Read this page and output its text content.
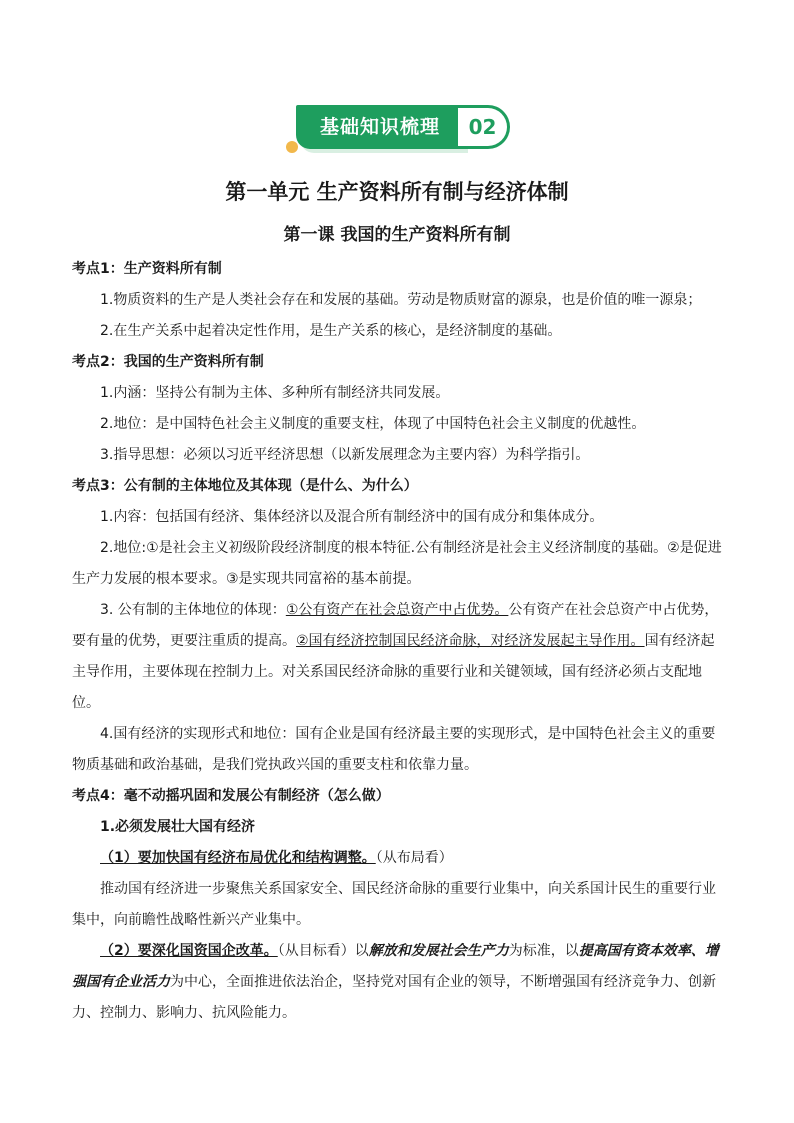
基础知识梳理	02
第一单元 生产资料所有制与经济体制
第一课 我国的生产资料所有制

考点1：生产资料所有制

1.物质资料的生产是人类社会存在和发展的基础。劳动是物质财富的源泉，也是价值的唯一源泉；

2.在生产关系中起着决定性作用，是生产关系的核心，是经济制度的基础。

考点2：我国的生产资料所有制

1.内涵：坚持公有制为主体、多种所有制经济共同发展。

2.地位：是中国特色社会主义制度的重要支柱，体现了中国特色社会主义制度的优越性。

3.指导思想：必须以习近平经济思想（以新发展理念为主要内容）为科学指引。

考点3：公有制的主体地位及其体现（是什么、为什么）

1.内容：包括国有经济、集体经济以及混合所有制经济中的国有成分和集体成分。

2.地位:①是社会主义初级阶段经济制度的根本特征.公有制经济是社会主义经济制度的基础。②是促进生产力发展的根本要求。③是实现共同富裕的基本前提。

3. 公有制的主体地位的体现：①公有资产在社会总资产中占优势。公有资产在社会总资产中占优势，要有量的优势，更要注重质的提高。②国有经济控制国民经济命脉，对经济发展起主导作用。国有经济起主导作用，主要体现在控制力上。对关系国民经济命脉的重要行业和关键领域，国有经济必须占支配地位。

4.国有经济的实现形式和地位：国有企业是国有经济最主要的实现形式，是中国特色社会主义的重要物质基础和政治基础，是我们党执政兴国的重要支柱和依靠力量。

考点4：毫不动摇巩固和发展公有制经济（怎么做）

1.必须发展壮大国有经济

（1）要加快国有经济布局优化和结构调整。（从布局看）

推动国有经济进一步聚焦关系国家安全、国民经济命脉的重要行业集中，向关系国计民生的重要行业集中，向前瞻性战略性新兴产业集中。

（2）要深化国资国企改革。（从目标看）以解放和发展社会生产力为标准，以提高国有资本效率、增强国有企业活力为中心，全面推进依法治企，坚持党对国有企业的领导，不断增强国有经济竞争力、创新力、控制力、影响力、抗风险能力。
